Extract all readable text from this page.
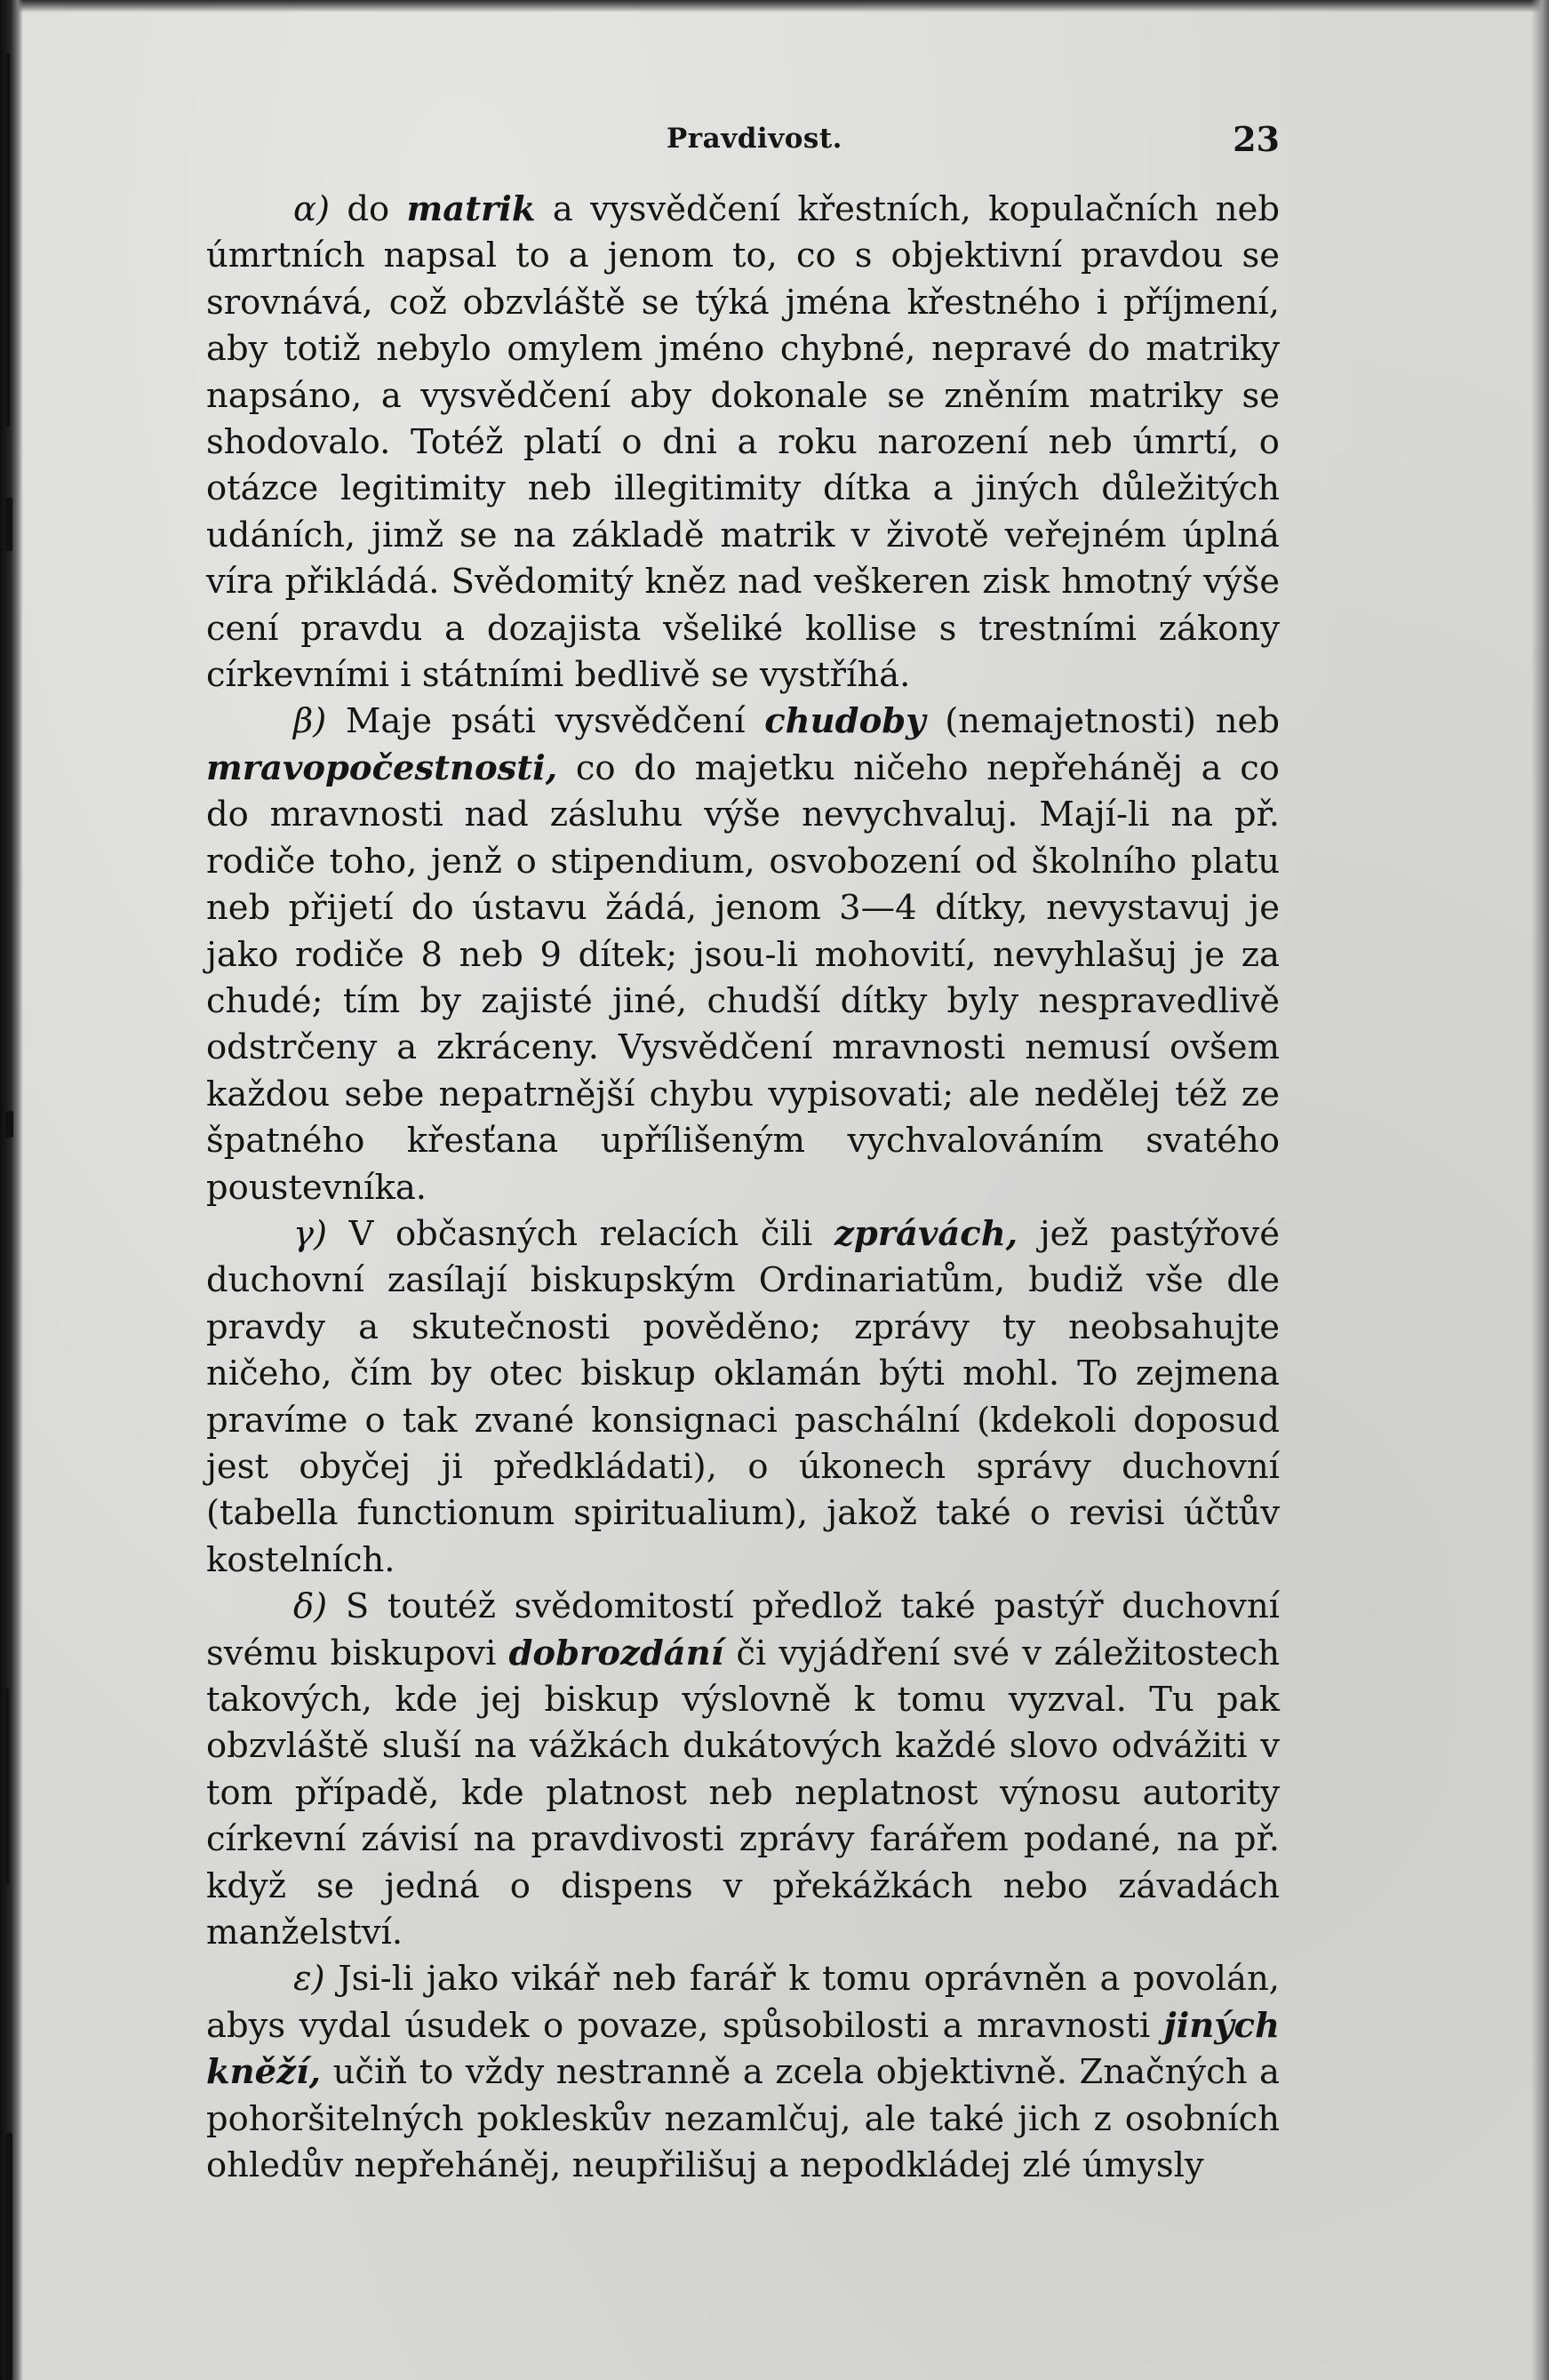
Pravdivost.	23

α) do matrik a vysvědčení křestních, kopulačních neb úmrtních napsal to a jenom to, co s objektivní pravdou se srovnává, což obzvláště se týká jména křestného i příjmení, aby totiž nebylo omylem jméno chybné, nepravé do matriky napsáno, a vysvědčení aby dokonale se zněním matriky se shodovalo. Totéž platí o dni a roku narození neb úmrtí, o otázce legitimity neb illegitimity dítka a jiných důležitých udáních, jimž se na základě matrik v životě veřejném úplná víra přikládá. Svědomitý kněz nad veškeren zisk hmotný výše cení pravdu a dozajista všeliké kollise s trestními zákony církevními i státními bedlivě se vystříhá.

β) Maje psáti vysvědčení chudoby (nemajetnosti) neb mravopočestnosti, co do majetku ničeho nepřeháněj a co do mravnosti nad zásluhu výše nevychvaluj. Mají-li na př. rodiče toho, jenž o stipendium, osvobození od školního platu neb přijetí do ústavu žádá, jenom 3—4 dítky, nevystavuj je jako rodiče 8 neb 9 dítek; jsou-li mohovití, nevyhlašuj je za chudé; tím by zajisté jiné, chudší dítky byly nespravedlivě odstrčeny a zkráceny. Vysvědčení mravnosti nemusí ovšem každou sebe nepatrnější chybu vypisovati; ale nedělej též ze špatného křesťana upřílišeným vychvalováním svatého poustevníka.

γ) V občasných relacích čili zprávách, jež pastýřové duchovní zasílají biskupským Ordinariatům, budiž vše dle pravdy a skutečnosti pověděno; zprávy ty neobsahujte ničeho, čím by otec biskup oklamán býti mohl. To zejmena pravíme o tak zvané konsignaci paschální (kdekoli doposud jest obyčej ji předkládati), o úkonech správy duchovní (tabella functionum spiritualium), jakož také o revisi účtův kostelních.

δ) S toutéž svědomitostí předlož také pastýř duchovní svému biskupovi dobrozdání či vyjádření své v záležitostech takových, kde jej biskup výslovně k tomu vyzval. Tu pak obzvláště sluší na vážkách dukátových každé slovo odvážiti v tom případě, kde platnost neb neplatnost výnosu autority církevní závisí na pravdivosti zprávy farářem podané, na př. když se jedná o dispens v překážkách nebo závadách manželství.

ε) Jsi-li jako vikář neb farář k tomu oprávněn a povolán, abys vydal úsudek o povaze, spůsobilosti a mravnosti jiných kněží, učiň to vždy nestranně a zcela objektivně. Značných a pohoršitelných pokleskův nezamlčuj, ale také jich z osobních ohledův nepřeháněj, neupřilišuj a nepodkládej zlé úmysly
